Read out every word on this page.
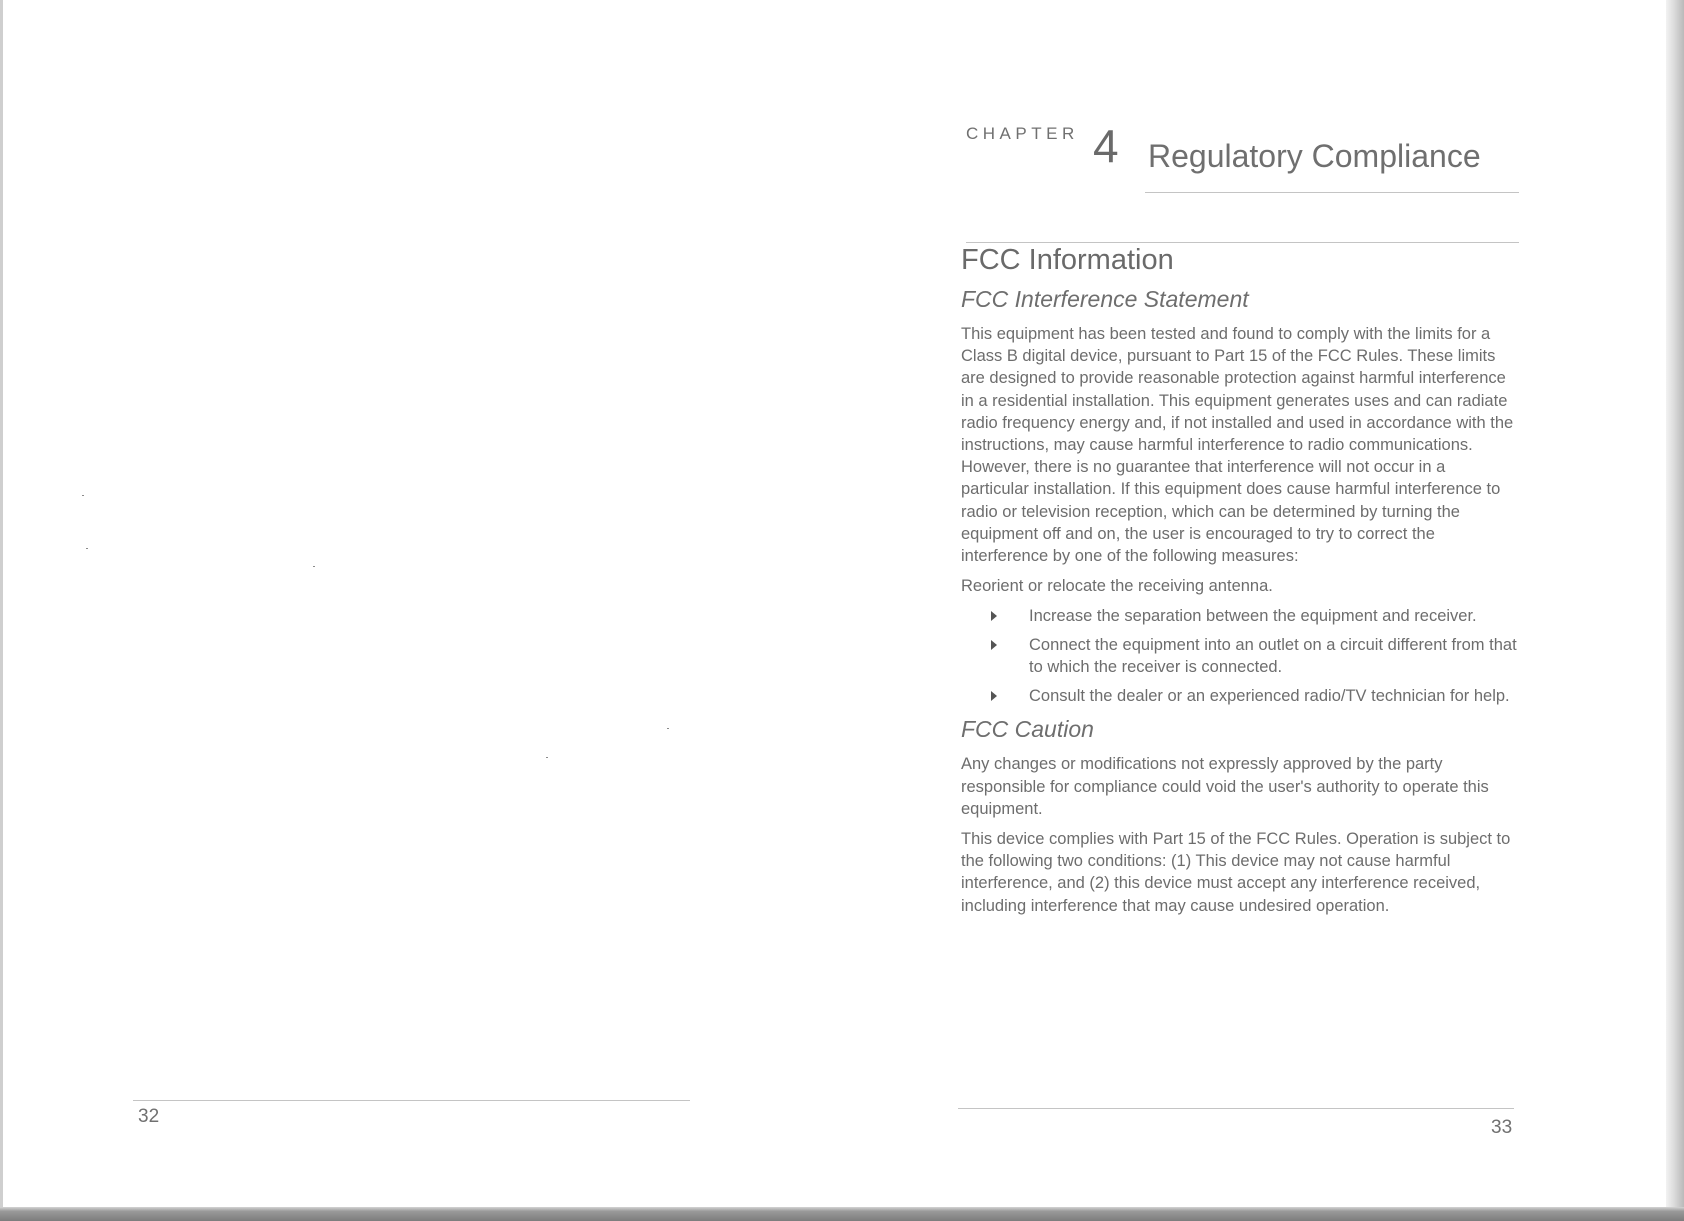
32
CHAPTER 4 Regulatory Compliance
FCC Information
FCC Interference Statement

This equipment has been tested and found to comply with the limits for a Class B digital device, pursuant to Part 15 of the FCC Rules. These limits are designed to provide reasonable protection against harmful interference in a residential installation. This equipment generates uses and can radiate radio frequency energy and, if not installed and used in accordance with the instructions, may cause harmful interference to radio communications. However, there is no guarantee that interference will not occur in a particular installation. If this equipment does cause harmful interference to radio or television reception, which can be determined by turning the equipment off and on, the user is encouraged to try to correct the interference by one of the following measures:

Reorient or relocate the receiving antenna.

Increase the separation between the equipment and receiver.
Connect the equipment into an outlet on a circuit different from that to which the receiver is connected.
Consult the dealer or an experienced radio/TV technician for help.
FCC Caution

Any changes or modifications not expressly approved by the party responsible for compliance could void the user's authority to operate this equipment.

This device complies with Part 15 of the FCC Rules. Operation is subject to the following two conditions: (1) This device may not cause harmful interference, and (2) this device must accept any interference received, including interference that may cause undesired operation.

33
